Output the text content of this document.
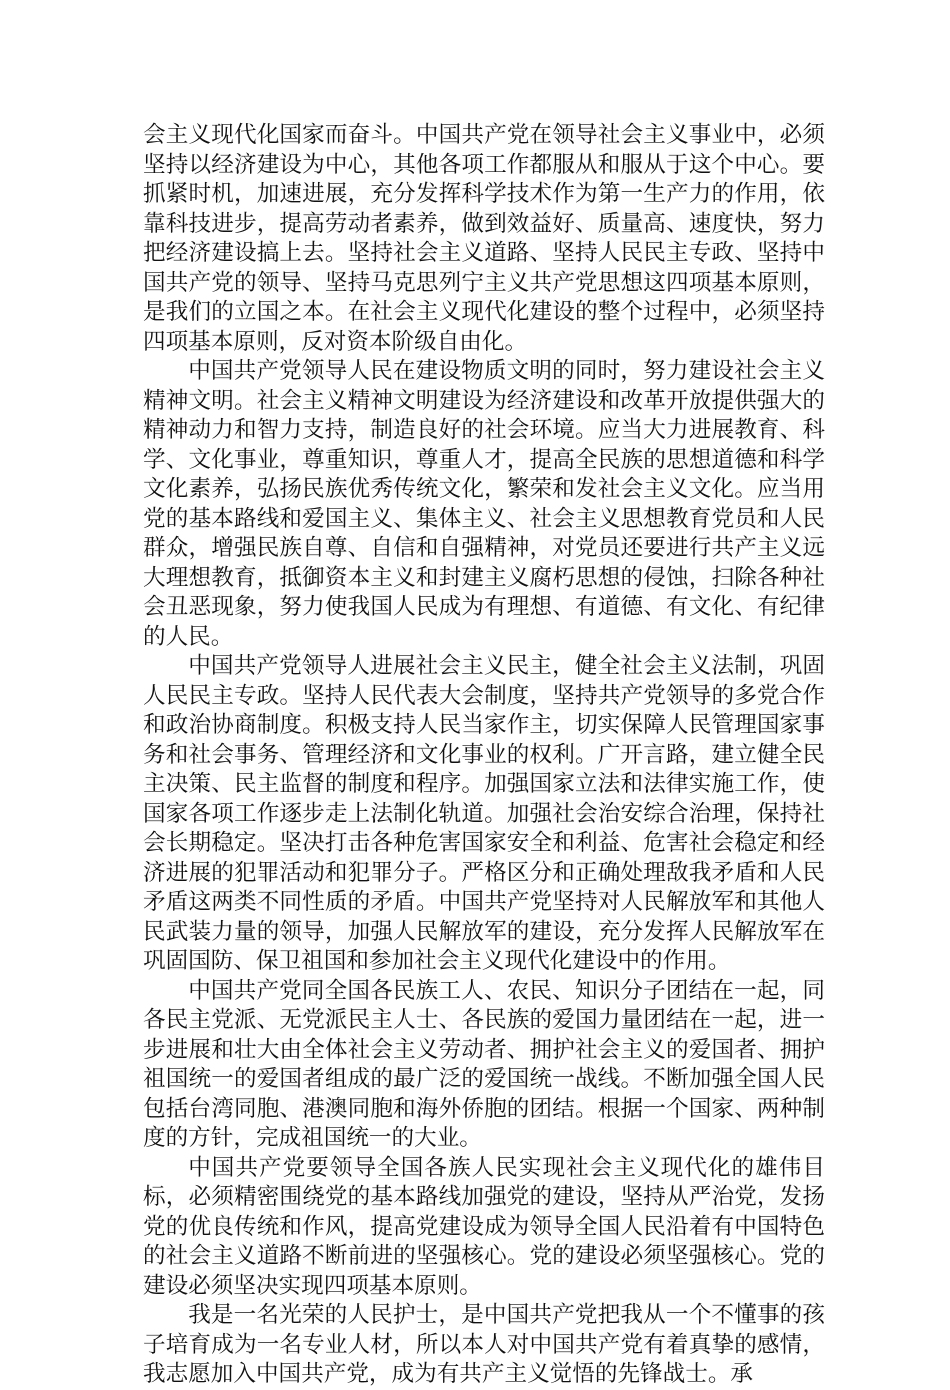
会主义现代化国家而奋斗。中国共产党在领导社会主义事业中，必须坚持以经济建设为中心，其他各项工作都服从和服从于这个中心。要抓紧时机，加速进展，充分发挥科学技术作为第一生产力的作用，依靠科技进步，提高劳动者素养，做到效益好、质量高、速度快，努力把经济建设搞上去。坚持社会主义道路、坚持人民民主专政、坚持中国共产党的领导、坚持马克思列宁主义共产党思想这四项基本原则，是我们的立国之本。在社会主义现代化建设的整个过程中，必须坚持四项基本原则，反对资本阶级自由化。

中国共产党领导人民在建设物质文明的同时，努力建设社会主义精神文明。社会主义精神文明建设为经济建设和改革开放提供强大的精神动力和智力支持，制造良好的社会环境。应当大力进展教育、科学、文化事业，尊重知识，尊重人才，提高全民族的思想道德和科学文化素养，弘扬民族优秀传统文化，繁荣和发社会主义文化。应当用党的基本路线和爱国主义、集体主义、社会主义思想教育党员和人民群众，增强民族自尊、自信和自强精神，对党员还要进行共产主义远大理想教育，抵御资本主义和封建主义腐朽思想的侵蚀，扫除各种社会丑恶现象，努力使我国人民成为有理想、有道德、有文化、有纪律的人民。

中国共产党领导人进展社会主义民主，健全社会主义法制，巩固人民民主专政。坚持人民代表大会制度，坚持共产党领导的多党合作和政治协商制度。积极支持人民当家作主，切实保障人民管理国家事务和社会事务、管理经济和文化事业的权利。广开言路，建立健全民主决策、民主监督的制度和程序。加强国家立法和法律实施工作，使国家各项工作逐步走上法制化轨道。加强社会治安综合治理，保持社会长期稳定。坚决打击各种危害国家安全和利益、危害社会稳定和经济进展的犯罪活动和犯罪分子。严格区分和正确处理敌我矛盾和人民矛盾这两类不同性质的矛盾。中国共产党坚持对人民解放军和其他人民武装力量的领导，加强人民解放军的建设，充分发挥人民解放军在巩固国防、保卫祖国和参加社会主义现代化建设中的作用。

中国共产党同全国各民族工人、农民、知识分子团结在一起，同各民主党派、无党派民主人士、各民族的爱国力量团结在一起，进一步进展和壮大由全体社会主义劳动者、拥护社会主义的爱国者、拥护祖国统一的爱国者组成的最广泛的爱国统一战线。不断加强全国人民包括台湾同胞、港澳同胞和海外侨胞的团结。根据一个国家、两种制度的方针，完成祖国统一的大业。

中国共产党要领导全国各族人民实现社会主义现代化的雄伟目标，必须精密围绕党的基本路线加强党的建设，坚持从严治党，发扬党的优良传统和作风，提高党建设成为领导全国人民沿着有中国特色的社会主义道路不断前进的坚强核心。党的建设必须坚强核心。党的建设必须坚决实现四项基本原则。

我是一名光荣的人民护士，是中国共产党把我从一个不懂事的孩子培育成为一名专业人材，所以本人对中国共产党有着真挚的感情，我志愿加入中国共产党，成为有共产主义觉悟的先锋战士。承
